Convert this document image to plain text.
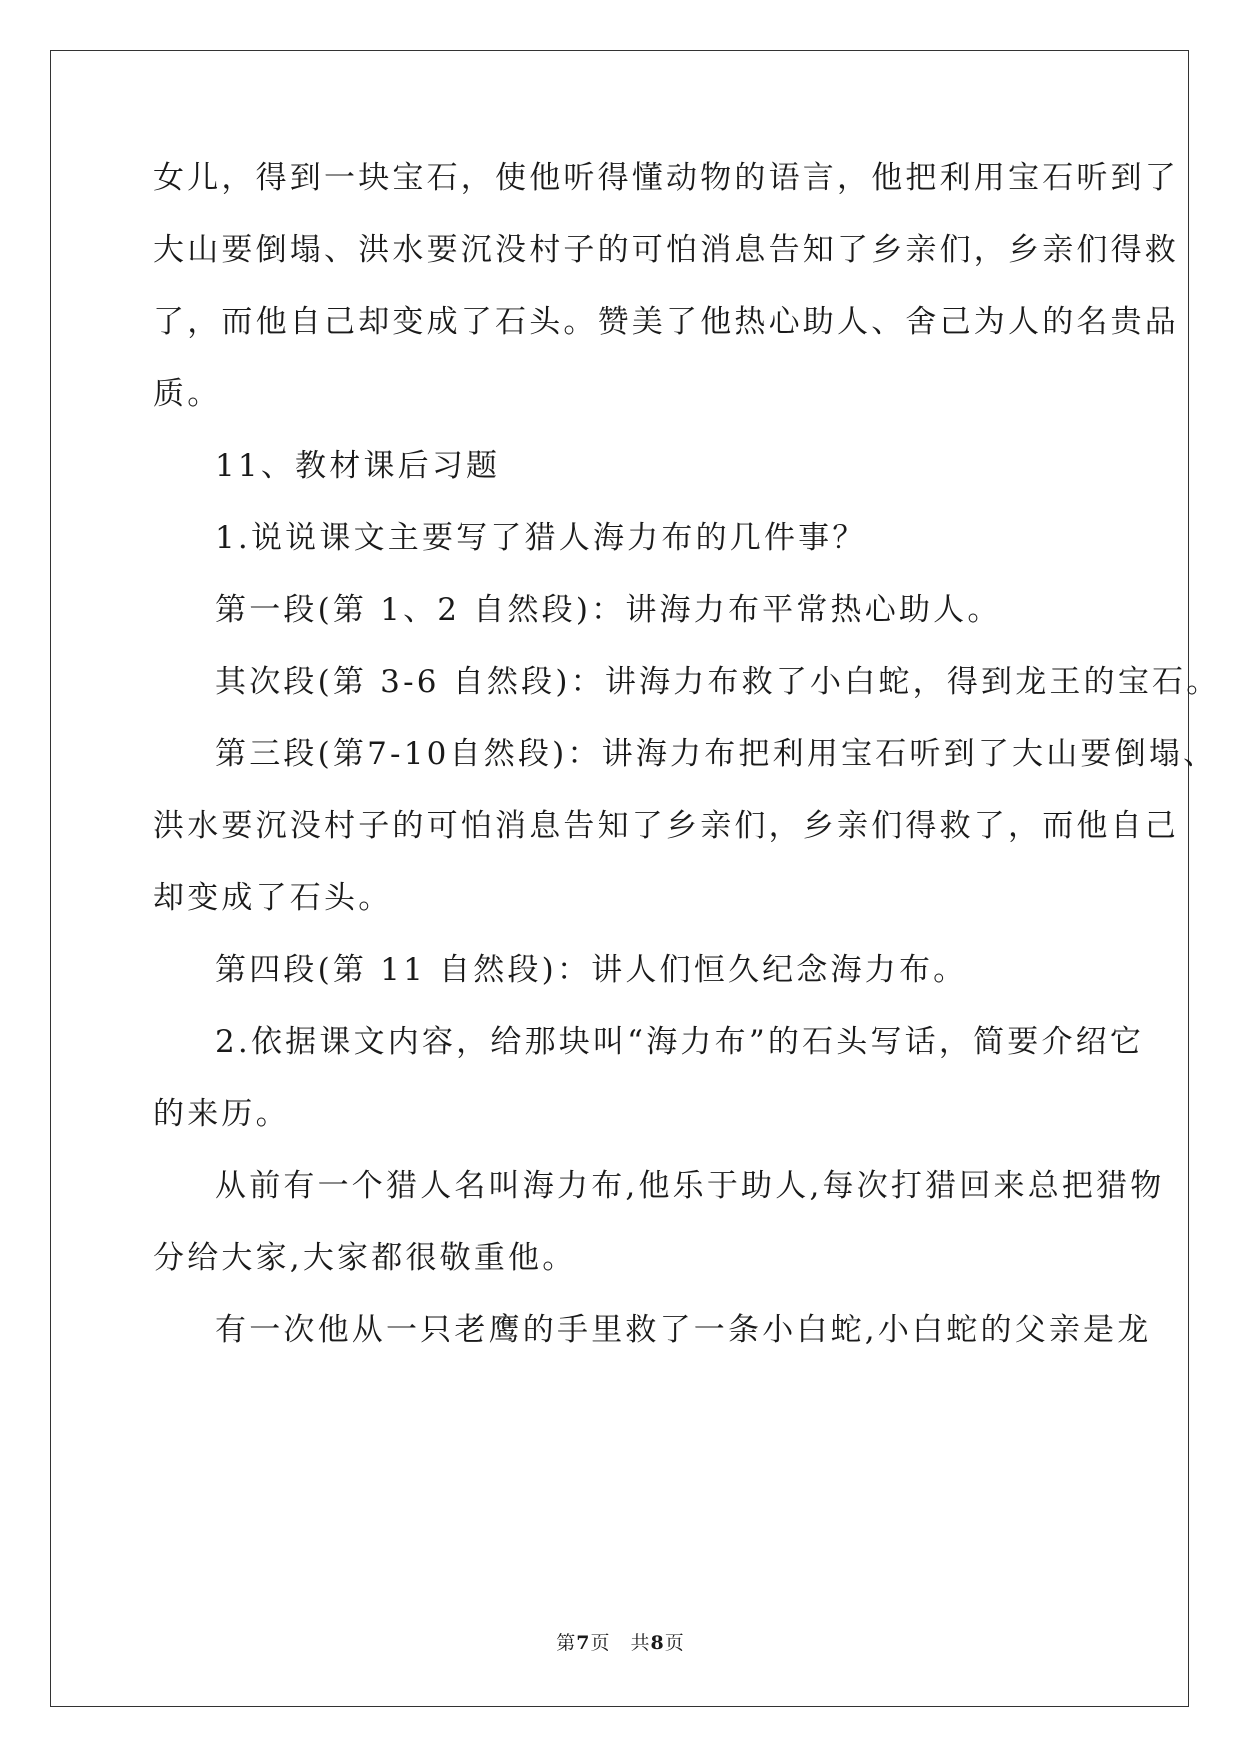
女儿，得到一块宝石，使他听得懂动物的语言，他把利用宝石听到了
大山要倒塌、洪水要沉没村子的可怕消息告知了乡亲们，乡亲们得救
了，而他自己却变成了石头。赞美了他热心助人、舍己为人的名贵品
质。
11、教材课后习题
1.说说课文主要写了猎人海力布的几件事？
第一段(第 1、2 自然段)：讲海力布平常热心助人。
其次段(第 3-6 自然段)：讲海力布救了小白蛇，得到龙王的宝石。
第三段(第7-10自然段)：讲海力布把利用宝石听到了大山要倒塌、
洪水要沉没村子的可怕消息告知了乡亲们，乡亲们得救了，而他自己
却变成了石头。
第四段(第 11 自然段)：讲人们恒久纪念海力布。
2.依据课文内容，给那块叫“海力布”的石头写话，简要介绍它
的来历。
从前有一个猎人名叫海力布,他乐于助人,每次打猎回来总把猎物
分给大家,大家都很敬重他。
有一次他从一只老鹰的手里救了一条小白蛇,小白蛇的父亲是龙
第7页　共8页
